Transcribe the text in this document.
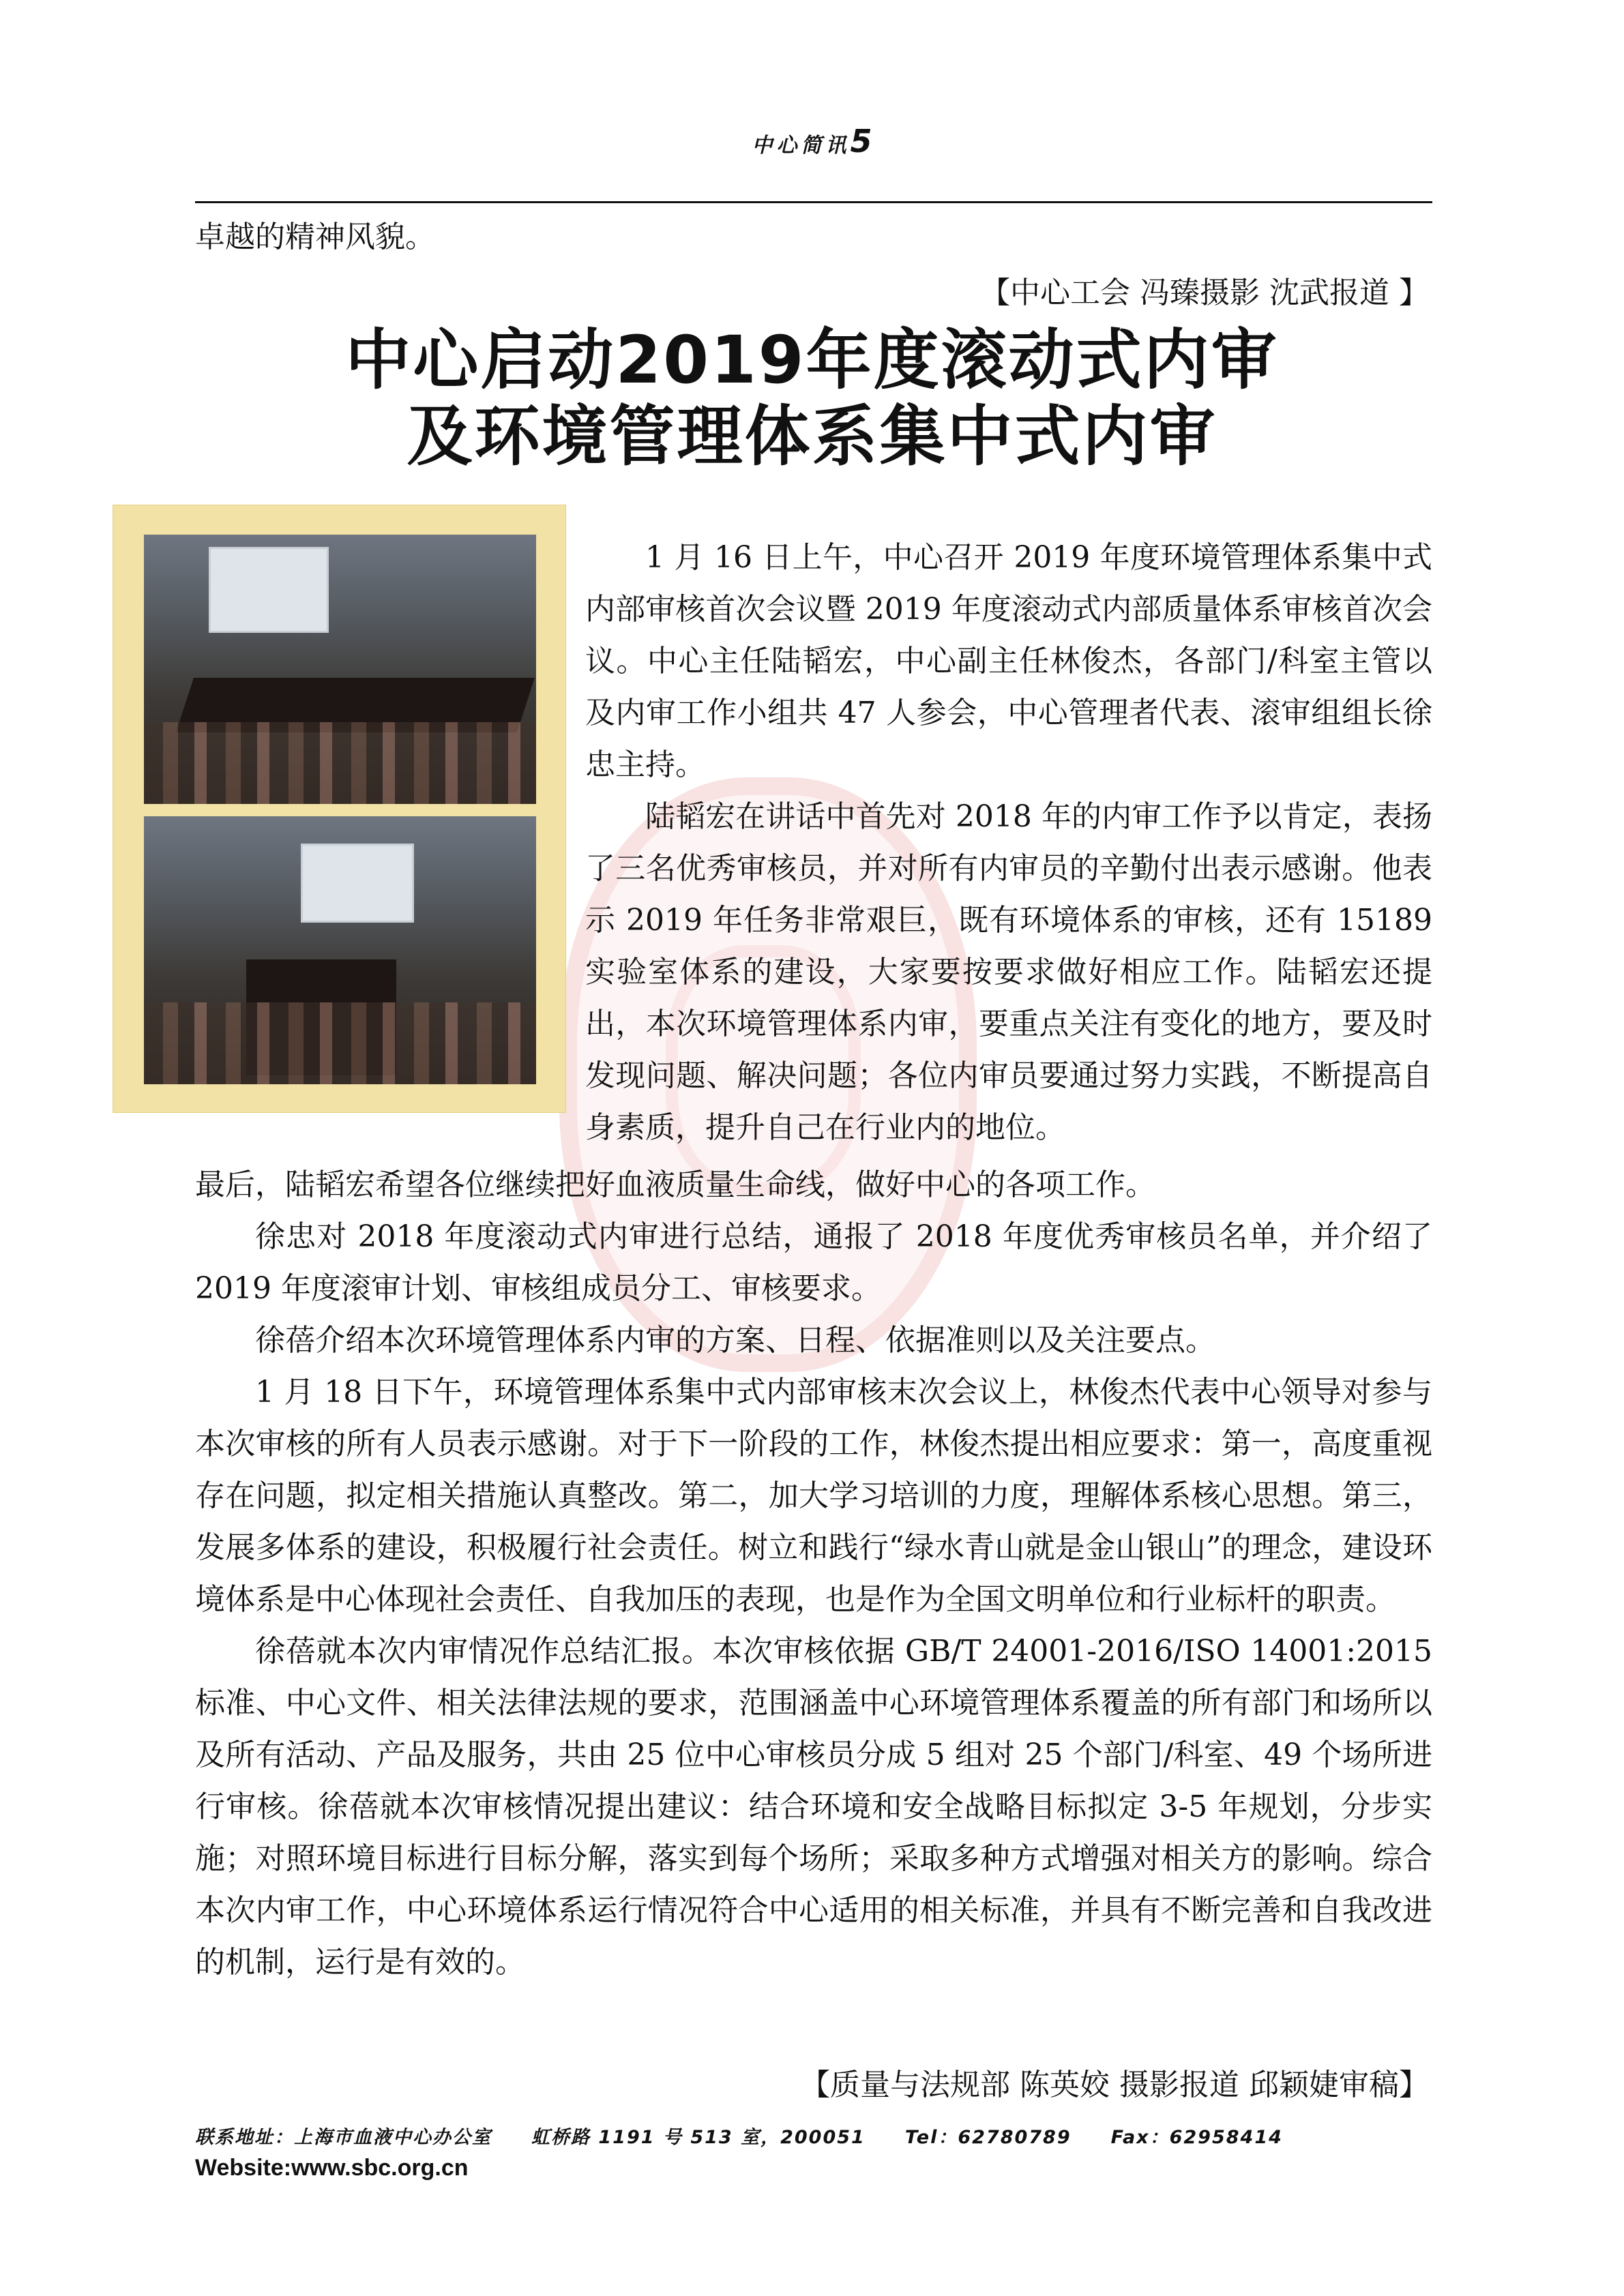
中心简讯5
卓越的精神风貌。
【中心工会 冯臻摄影 沈武报道 】
中心启动2019年度滚动式内审
及环境管理体系集中式内审

1 月 16 日上午，中心召开 2019 年度环境管理体系集中式内部审核首次会议暨 2019 年度滚动式内部质量体系审核首次会议。中心主任陆韬宏，中心副主任林俊杰，各部门/科室主管以及内审工作小组共 47 人参会，中心管理者代表、滚审组组长徐忠主持。

陆韬宏在讲话中首先对 2018 年的内审工作予以肯定，表扬了三名优秀审核员，并对所有内审员的辛勤付出表示感谢。他表示 2019 年任务非常艰巨，既有环境体系的审核，还有 15189 实验室体系的建设，大家要按要求做好相应工作。陆韬宏还提出，本次环境管理体系内审，要重点关注有变化的地方，要及时发现问题、解决问题；各位内审员要通过努力实践，不断提高自身素质，提升自己在行业内的地位。

最后，陆韬宏希望各位继续把好血液质量生命线，做好中心的各项工作。

徐忠对 2018 年度滚动式内审进行总结，通报了 2018 年度优秀审核员名单，并介绍了 2019 年度滚审计划、审核组成员分工、审核要求。

徐蓓介绍本次环境管理体系内审的方案、日程、依据准则以及关注要点。

1 月 18 日下午，环境管理体系集中式内部审核末次会议上，林俊杰代表中心领导对参与本次审核的所有人员表示感谢。对于下一阶段的工作，林俊杰提出相应要求：第一，高度重视存在问题，拟定相关措施认真整改。第二，加大学习培训的力度，理解体系核心思想。第三，发展多体系的建设，积极履行社会责任。树立和践行“绿水青山就是金山银山”的理念，建设环境体系是中心体现社会责任、自我加压的表现，也是作为全国文明单位和行业标杆的职责。

徐蓓就本次内审情况作总结汇报。本次审核依据 GB/T 24001-2016/ISO 14001:2015 标准、中心文件、相关法律法规的要求，范围涵盖中心环境管理体系覆盖的所有部门和场所以及所有活动、产品及服务，共由 25 位中心审核员分成 5 组对 25 个部门/科室、49 个场所进行审核。徐蓓就本次审核情况提出建议：结合环境和安全战略目标拟定 3-5 年规划，分步实施；对照环境目标进行目标分解，落实到每个场所；采取多种方式增强对相关方的影响。综合本次内审工作，中心环境体系运行情况符合中心适用的相关标准，并具有不断完善和自我改进的机制，运行是有效的。

【质量与法规部 陈英姣 摄影报道 邱颖婕审稿】
联系地址：上海市血液中心办公室　　虹桥路 1191 号 513 室，200051　　Tel：62780789　　Fax：62958414
Website:www.sbc.org.cn
